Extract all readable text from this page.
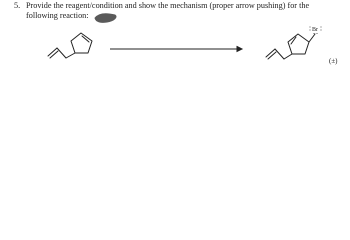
5. Provide the reagent/condition and show the mechanism (proper arrow pushing) for the
following reaction:
Br
(±)
